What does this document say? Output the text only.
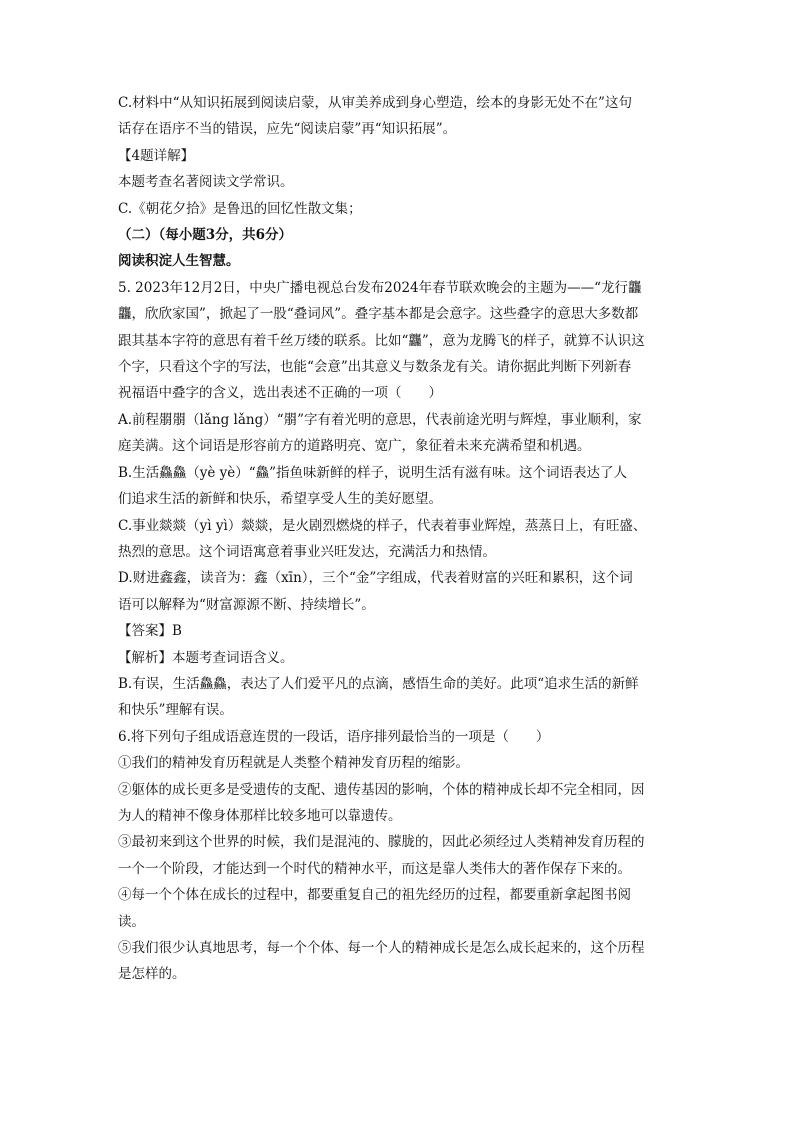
C.材料中“从知识拓展到阅读启蒙，从审美养成到身心塑造，绘本的身影无处不在”这句

话存在语序不当的错误，应先“阅读启蒙”再“知识拓展”。

【4题详解】

本题考查名著阅读文学常识。

C.《朝花夕拾》是鲁迅的回忆性散文集；

（二）（每小题3分，共6分）

阅读积淀人生智慧。

5. 2023年12月2日，中央广播电视总台发布2024年春节联欢晚会的主题为——“龙行龘

龘，欣欣家国”，掀起了一股“叠词风”。叠字基本都是会意字。这些叠字的意思大多数都

跟其基本字符的意思有着千丝万缕的联系。比如“龘”，意为龙腾飞的样子，就算不认识这

个字，只看这个字的写法，也能“会意”出其意义与数条龙有关。请你据此判断下列新春

祝福语中叠字的含义，选出表述不正确的一项（　　）

A.前程朤朤（lǎng lǎng）“朤”字有着光明的意思，代表前途光明与辉煌，事业顺利，家

庭美满。这个词语是形容前方的道路明亮、宽广，象征着未来充满希望和机遇。

B.生活鱻鱻（yè yè）“鱻”指鱼味新鲜的样子，说明生活有滋有味。这个词语表达了人

们追求生活的新鲜和快乐，希望享受人生的美好愿望。

C.事业燚燚（yì yì）燚燚，是火剧烈燃烧的样子，代表着事业辉煌，蒸蒸日上，有旺盛、

热烈的意思。这个词语寓意着事业兴旺发达，充满活力和热情。

D.财进鑫鑫，读音为：鑫（xīn），三个“金”字组成，代表着财富的兴旺和累积，这个词

语可以解释为“财富源源不断、持续增长”。

【答案】B

【解析】本题考查词语含义。

B.有误，生活鱻鱻，表达了人们爱平凡的点滴，感悟生命的美好。此项“追求生活的新鲜

和快乐”理解有误。

6.将下列句子组成语意连贯的一段话，语序排列最恰当的一项是（　　）

①我们的精神发育历程就是人类整个精神发育历程的缩影。

②躯体的成长更多是受遗传的支配、遗传基因的影响，个体的精神成长却不完全相同，因

为人的精神不像身体那样比较多地可以靠遗传。

③最初来到这个世界的时候，我们是混沌的、朦胧的，因此必须经过人类精神发育历程的

一个一个阶段，才能达到一个时代的精神水平，而这是靠人类伟大的著作保存下来的。

④每一个个体在成长的过程中，都要重复自己的祖先经历的过程，都要重新拿起图书阅

读。

⑤我们很少认真地思考，每一个个体、每一个人的精神成长是怎么成长起来的，这个历程

是怎样的。
